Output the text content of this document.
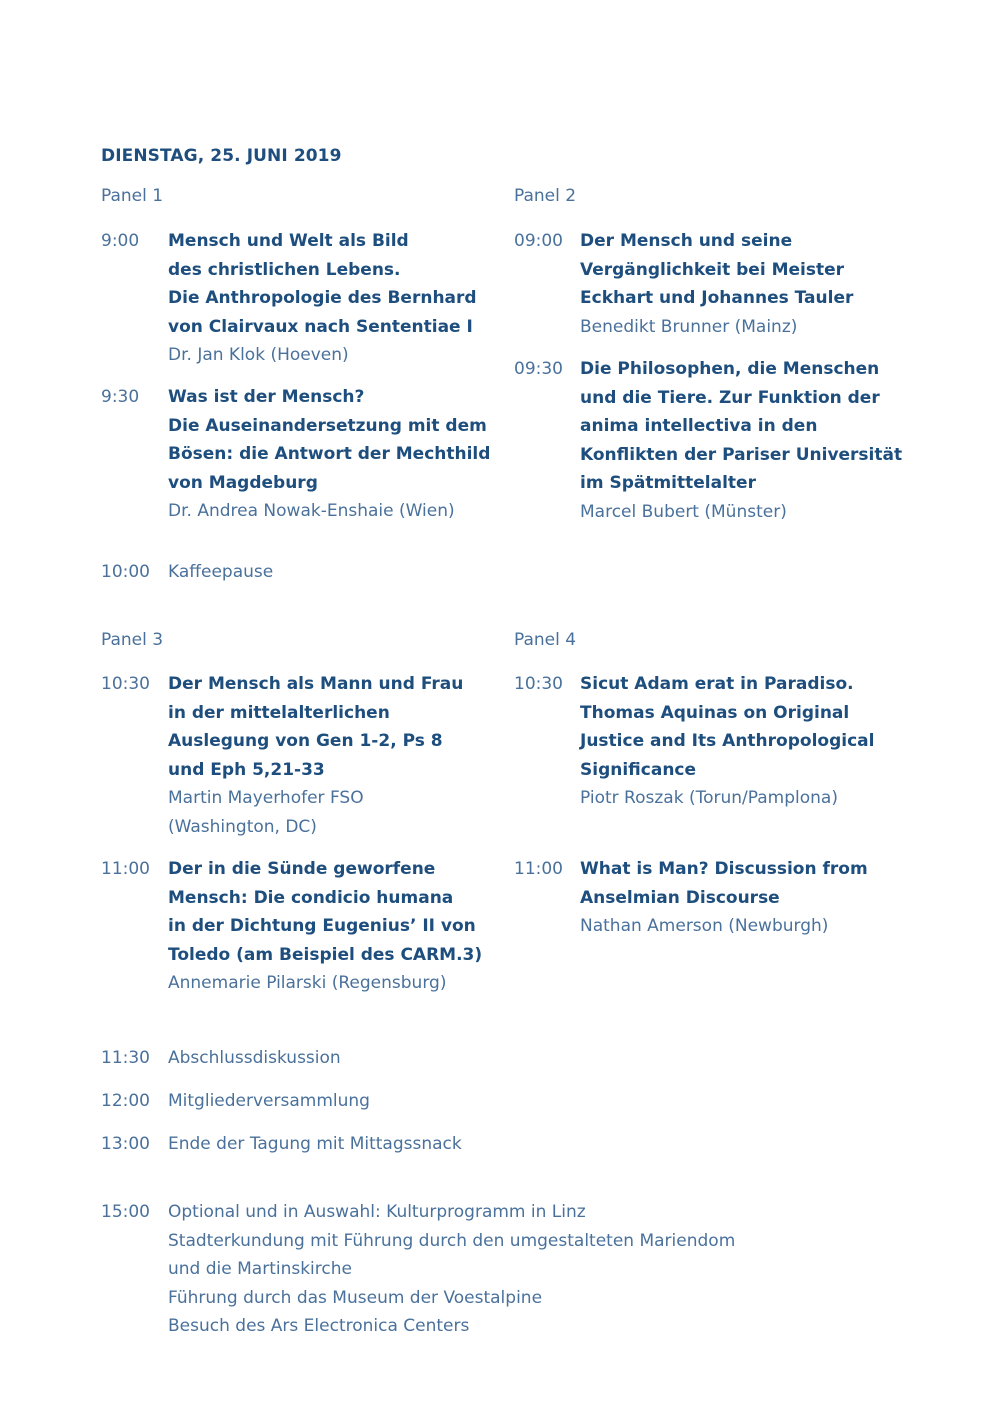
DIENSTAG, 25. JUNI 2019
Panel 1
9:00 Mensch und Welt als Bild
des christlichen Lebens.
Die Anthropologie des Bernhard
von Clairvaux nach Sententiae I
Dr. Jan Klok (Hoeven)
9:30 Was ist der Mensch?
Die Auseinandersetzung mit dem
Bösen: die Antwort der Mechthild
von Magdeburg
Dr. Andrea Nowak-Enshaie (Wien)
Panel 2
09:00 Der Mensch und seine
Vergänglichkeit bei Meister
Eckhart und Johannes Tauler
Benedikt Brunner (Mainz)
09:30 Die Philosophen, die Menschen
und die Tiere. Zur Funktion der
anima intellectiva in den
Konflikten der Pariser Universität
im Spätmittelalter
Marcel Bubert (Münster)
10:00 Kaffeepause
Panel 3
10:30 Der Mensch als Mann und Frau
in der mittelalterlichen
Auslegung von Gen 1-2, Ps 8
und Eph 5,21-33
Martin Mayerhofer FSO
(Washington, DC)
11:00 Der in die Sünde geworfene
Mensch: Die condicio humana
in der Dichtung Eugenius’ II von
Toledo (am Beispiel des CARM.3)
Annemarie Pilarski (Regensburg)
Panel 4
10:30 Sicut Adam erat in Paradiso.
Thomas Aquinas on Original
Justice and Its Anthropological
Significance
Piotr Roszak (Torun/Pamplona)
11:00 What is Man? Discussion from
Anselmian Discourse
Nathan Amerson (Newburgh)
11:30 Abschlussdiskussion
12:00 Mitgliederversammlung
13:00 Ende der Tagung mit Mittagssnack
15:00 Optional und in Auswahl: Kulturprogramm in Linz
Stadterkundung mit Führung durch den umgestalteten Mariendom
und die Martinskirche
Führung durch das Museum der Voestalpine
Besuch des Ars Electronica Centers
